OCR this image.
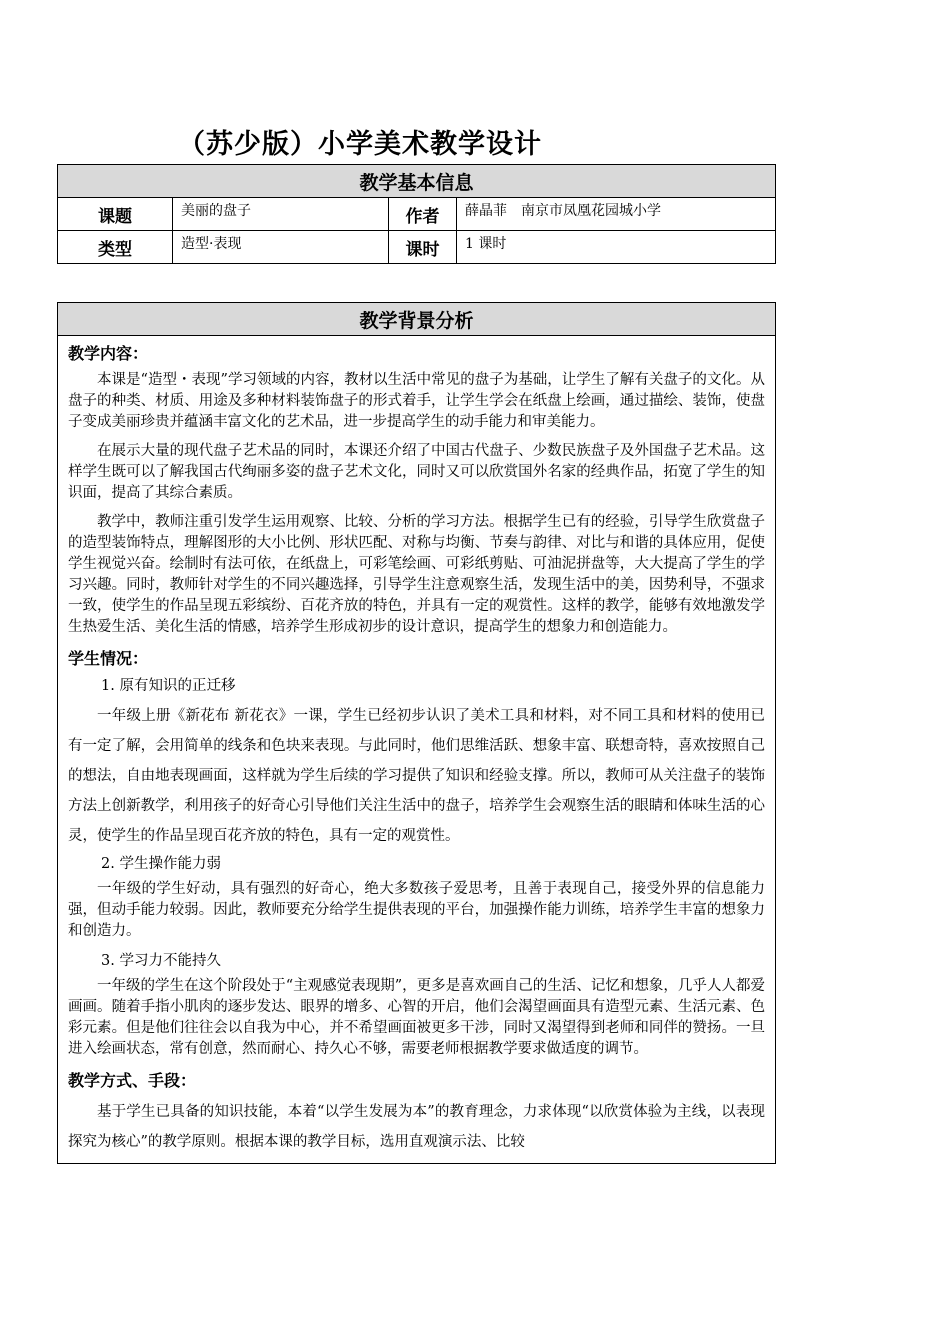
（苏少版）小学美术教学设计
教学基本信息			
课题	美丽的盘子	作者	薛晶菲　南京市凤凰花园城小学
类型	造型·表现	课时	1 课时
教学背景分析

教学内容：

本课是“造型・表现”学习领域的内容，教材以生活中常见的盘子为基础，让学生了解有关盘子的文化。从盘子的种类、材质、用途及多种材料装饰盘子的形式着手，让学生学会在纸盘上绘画，通过描绘、装饰，使盘子变成美丽珍贵并蕴涵丰富文化的艺术品，进一步提高学生的动手能力和审美能力。

在展示大量的现代盘子艺术品的同时，本课还介绍了中国古代盘子、少数民族盘子及外国盘子艺术品。这样学生既可以了解我国古代绚丽多姿的盘子艺术文化，同时又可以欣赏国外名家的经典作品，拓宽了学生的知识面，提高了其综合素质。

教学中，教师注重引发学生运用观察、比较、分析的学习方法。根据学生已有的经验，引导学生欣赏盘子的造型装饰特点，理解图形的大小比例、形状匹配、对称与均衡、节奏与韵律、对比与和谐的具体应用，促使学生视觉兴奋。绘制时有法可依，在纸盘上，可彩笔绘画、可彩纸剪贴、可油泥拼盘等，大大提高了学生的学习兴趣。同时，教师针对学生的不同兴趣选择，引导学生注意观察生活，发现生活中的美，因势利导，不强求一致，使学生的作品呈现五彩缤纷、百花齐放的特色，并具有一定的观赏性。这样的教学，能够有效地激发学生热爱生活、美化生活的情感，培养学生形成初步的设计意识，提高学生的想象力和创造能力。

学生情况：
1. 原有知识的正迁移

一年级上册《新花布 新花衣》一课，学生已经初步认识了美术工具和材料，对不同工具和材料的使用已有一定了解，会用简单的线条和色块来表现。与此同时，他们思维活跃、想象丰富、联想奇特，喜欢按照自己的想法，自由地表现画面，这样就为学生后续的学习提供了知识和经验支撑。所以，教师可从关注盘子的装饰方法上创新教学，利用孩子的好奇心引导他们关注生活中的盘子，培养学生会观察生活的眼睛和体味生活的心灵，使学生的作品呈现百花齐放的特色，具有一定的观赏性。

2. 学生操作能力弱

一年级的学生好动，具有强烈的好奇心，绝大多数孩子爱思考，且善于表现自己，接受外界的信息能力强，但动手能力较弱。因此，教师要充分给学生提供表现的平台，加强操作能力训练，培养学生丰富的想象力和创造力。

3. 学习力不能持久

一年级的学生在这个阶段处于“主观感觉表现期”，更多是喜欢画自己的生活、记忆和想象，几乎人人都爱画画。随着手指小肌肉的逐步发达、眼界的增多、心智的开启，他们会渴望画面具有造型元素、生活元素、色彩元素。但是他们往往会以自我为中心，并不希望画面被更多干涉，同时又渴望得到老师和同伴的赞扬。一旦进入绘画状态，常有创意，然而耐心、持久心不够，需要老师根据教学要求做适度的调节。

教学方式、手段：

基于学生已具备的知识技能，本着“以学生发展为本”的教育理念，力求体现“以欣赏体验为主线，以表现探究为核心”的教学原则。根据本课的教学目标，选用直观演示法、比较
